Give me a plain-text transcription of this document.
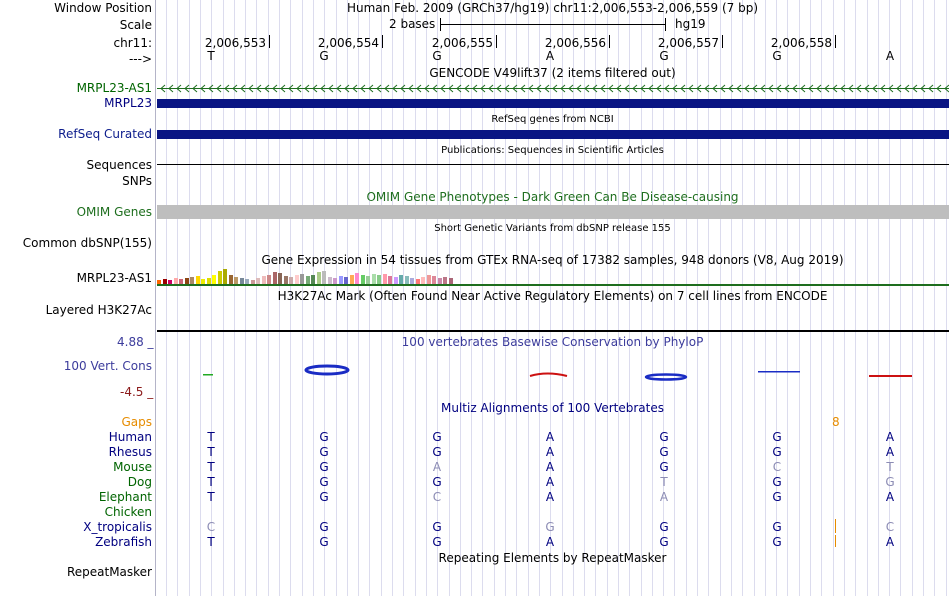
Window Position	Human Feb. 2009 (GRCh37/hg19) chr11:2,006,553-2,006,559 (7 bp)
Scale	2 bases	hg19
chr11:	2,006,553	2,006,554	2,006,555	2,006,556	2,006,557	2,006,558
--->	T	G	G	A	G	G	A
GENCODE V49lift37 (2 items filtered out)
MRPL23-AS1
MRPL23
RefSeq genes from NCBI
RefSeq Curated
Publications: Sequences in Scientific Articles
Sequences
SNPs
OMIM Gene Phenotypes - Dark Green Can Be Disease-causing
OMIM Genes
Short Genetic Variants from dbSNP release 155
Common dbSNP(155)
Gene Expression in 54 tissues from GTEx RNA-seq of 17382 samples, 948 donors (V8, Aug 2019)
MRPL23-AS1
H3K27Ac Mark (Often Found Near Active Regulatory Elements) on 7 cell lines from ENCODE
Layered H3K27Ac
4.88 _	100 vertebrates Basewise Conservation by PhyloP
100 Vert. Cons
-4.5 _
Multiz Alignments of 100 Vertebrates
Gaps	8
Human	T	G	G	A	G	G	A
Rhesus	T	G	G	A	G	G	A
Mouse	T	G	A	A	G	C	T
Dog	T	G	G	A	T	G	G
Elephant	T	G	C	A	A	G	A
Chicken
X_tropicalis	C	G	G	G	G	G	C
Zebrafish	T	G	G	A	G	G	A
Repeating Elements by RepeatMasker
RepeatMasker
